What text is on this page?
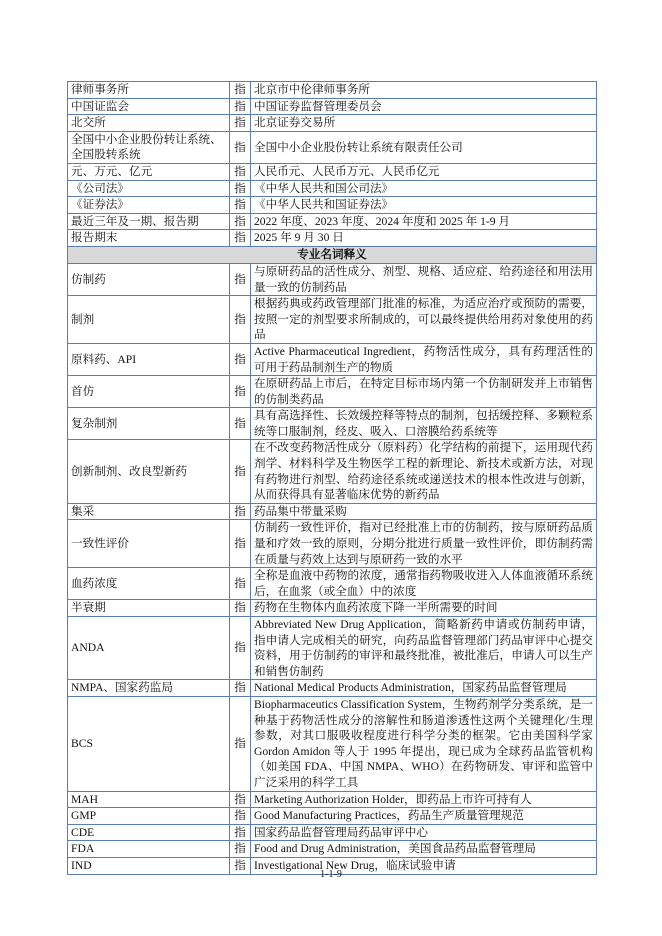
律师事务所	指	北京市中伦律师事务所
中国证监会	指	中国证券监督管理委员会
北交所	指	北京证券交易所
全国中小企业股份转让系统、全国股转系统	指	全国中小企业股份转让系统有限责任公司
元、万元、亿元	指	人民币元、人民币万元、人民币亿元
《公司法》	指	《中华人民共和国公司法》
《证券法》	指	《中华人民共和国证券法》
最近三年及一期、报告期	指	2022 年度、2023 年度、2024 年度和 2025 年 1-9 月
报告期末	指	2025 年 9 月 30 日
专业名词释义		
仿制药	指	与原研药品的活性成分、剂型、规格、适应症、给药途径和用法用量一致的仿制药品
制剂	指	根据药典或药政管理部门批准的标准，为适应治疗或预防的需要，按照一定的剂型要求所制成的，可以最终提供给用药对象使用的药品
原料药、API	指	Active Pharmaceutical Ingredient，药物活性成分，具有药理活性的可用于药品制剂生产的物质
首仿	指	在原研药品上市后，在特定目标市场内第一个仿制研发并上市销售的仿制类药品
复杂制剂	指	具有高选择性、长效缓控释等特点的制剂，包括缓控释、多颗粒系统等口服制剂，经皮、吸入、口溶膜给药系统等
创新制剂、改良型新药	指	在不改变药物活性成分（原料药）化学结构的前提下，运用现代药剂学、材料科学及生物医学工程的新理论、新技术或新方法，对现有药物进行剂型、给药途径系统或递送技术的根本性改进与创新，从而获得具有显著临床优势的新药品
集采	指	药品集中带量采购
一致性评价	指	仿制药一致性评价，指对已经批准上市的仿制药，按与原研药品质量和疗效一致的原则，分期分批进行质量一致性评价，即仿制药需在质量与药效上达到与原研药一致的水平
血药浓度	指	全称是血液中药物的浓度，通常指药物吸收进入人体血液循环系统后，在血浆（或全血）中的浓度
半衰期	指	药物在生物体内血药浓度下降一半所需要的时间
ANDA	指	Abbreviated New Drug Application，简略新药申请或仿制药申请，指申请人完成相关的研究，向药品监督管理部门药品审评中心提交资料，用于仿制药的审评和最终批准，被批准后，申请人可以生产和销售仿制药
NMPA、国家药监局	指	National Medical Products Administration，国家药品监督管理局
BCS	指	Biopharmaceutics Classification System，生物药剂学分类系统，是一种基于药物活性成分的溶解性和肠道渗透性这两个关键理化/生理参数，对其口服吸收程度进行科学分类的框架。它由美国科学家 Gordon Amidon 等人于 1995 年提出，现已成为全球药品监管机构（如美国 FDA、中国 NMPA、WHO）在药物研发、审评和监管中广泛采用的科学工具
MAH	指	Marketing Authorization Holder，即药品上市许可持有人
GMP	指	Good Manufacturing Practices，药品生产质量管理规范
CDE	指	国家药品监督管理局药品审评中心
FDA	指	Food and Drug Administration，美国食品药品监督管理局
IND	指	Investigational New Drug，临床试验申请
1-1-9
